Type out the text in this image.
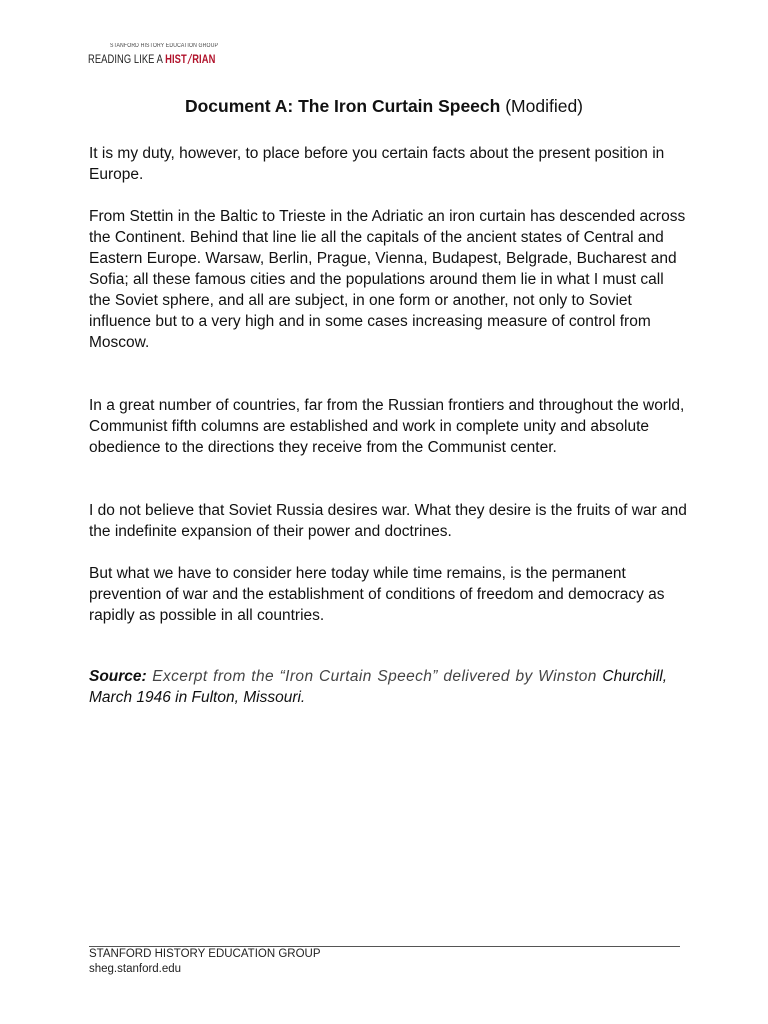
STANFORD HISTORY EDUCATION GROUP
READING LIKE A HIST RIAN
Document A: The Iron Curtain Speech (Modified)

It is my duty, however, to place before you certain facts about the present position in Europe.

From Stettin in the Baltic to Trieste in the Adriatic an iron curtain has descended across the Continent. Behind that line lie all the capitals of the ancient states of Central and Eastern Europe. Warsaw, Berlin, Prague, Vienna, Budapest, Belgrade, Bucharest and Sofia; all these famous cities and the populations around them lie in what I must call the Soviet sphere, and all are subject, in one form or another, not only to Soviet influence but to a very high and in some cases increasing measure of control from Moscow.

In a great number of countries, far from the Russian frontiers and throughout the world, Communist fifth columns are established and work in complete unity and absolute obedience to the directions they receive from the Communist center.

I do not believe that Soviet Russia desires war. What they desire is the fruits of war and the indefinite expansion of their power and doctrines.

But what we have to consider here today while time remains, is the permanent prevention of war and the establishment of conditions of freedom and democracy as rapidly as possible in all countries.

Source: Excerpt from the “Iron Curtain Speech” delivered by Winston Churchill, March 1946 in Fulton, Missouri.

STANFORD HISTORY EDUCATION GROUP
sheg.stanford.edu
